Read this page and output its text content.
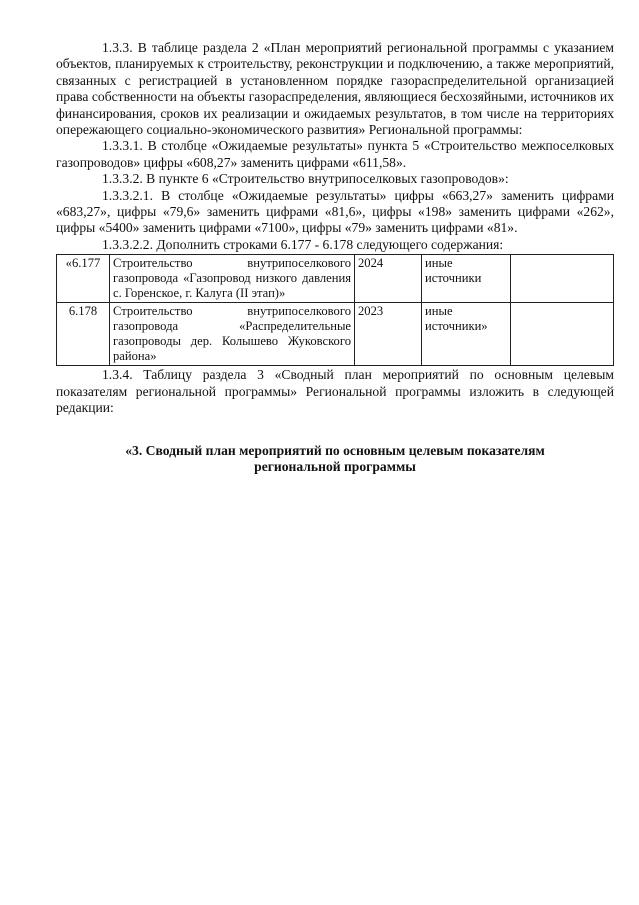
1.3.3. В таблице раздела 2 «План мероприятий региональной программы с указанием объектов, планируемых к строительству, реконструкции и подключению, а также мероприятий, связанных с регистрацией в установленном порядке газораспределительной организацией права собственности на объекты газораспределения, являющиеся бесхозяйными, источников их финансирования, сроков их реализации и ожидаемых результатов, в том числе на территориях опережающего социально-экономического развития» Региональной программы:

1.3.3.1. В столбце «Ожидаемые результаты» пункта 5 «Строительство межпоселковых газопроводов» цифры «608,27» заменить цифрами «611,58».

1.3.3.2. В пункте 6 «Строительство внутрипоселковых газопроводов»:

1.3.3.2.1. В столбце «Ожидаемые результаты» цифры «663,27» заменить цифрами «683,27», цифры «79,6» заменить цифрами «81,6», цифры «198» заменить цифрами «262», цифры «5400» заменить цифрами «7100», цифры «79» заменить цифрами «81».

1.3.3.2.2. Дополнить строками 6.177 - 6.178 следующего содержания:

«6.177	Строительство внутрипоселкового газопровода «Газопровод низкого давления с. Горенское, г. Калуга (II этап)»	2024	иные источники	
6.178	Строительство внутрипоселкового газопровода «Распределительные газопроводы дер. Колышево Жуковского района»	2023	иные источники»	

1.3.4. Таблицу раздела 3 «Сводный план мероприятий по основным целевым показателям региональной программы» Региональной программы изложить в следующей редакции:

«3. Сводный план мероприятий по основным целевым показателям
региональной программы
